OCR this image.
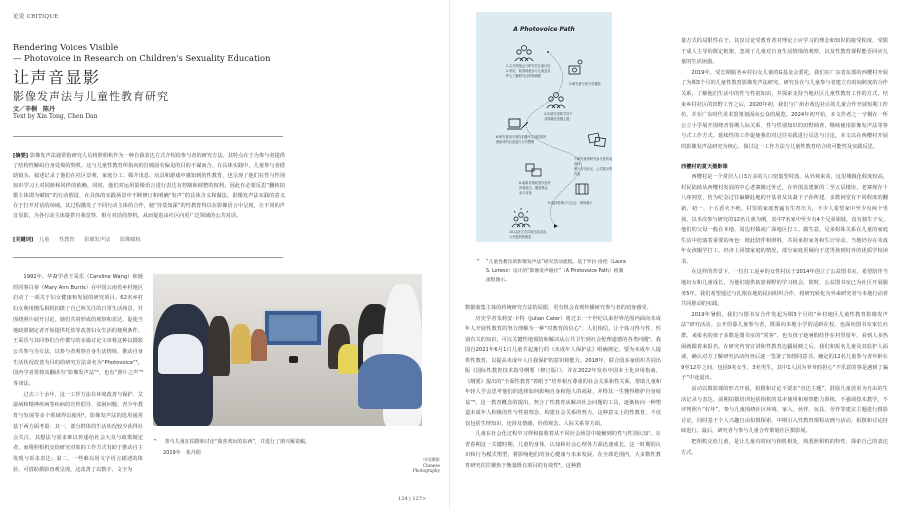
论说 CRITIQUE
Rendering Voices Visible
— Photovoice in Research on Children's Sexuality Education
让声音显影
影像发声法与儿童性教育研究
文／辛桐　陈丹
Text by Xin Tong, Chen Dan
[摘要] 影像发声法通常指研究人员将照相机作为一种自我表达方式介绍给参与者的研究方法。其特点在于为参与者提供了结构性解码自身处境的契机。这与儿童性教育所指向的打破固有偏见的目的不谋而合。在具体实践中，儿童参与者借助镜头，叙述记录了他们在社区景观、家庭分工、媒介讯息、玩具和游戏中感知到的性教育，也呈现了他们在性与性别知识学习上对同龄和同伴的依赖。同时，他们对运用影像语言进行表达有控制和调整的权利。因此有必要反思“翻转拍摄主体即为赋权”的行动假设，在具体的实践场景中不断修订和明确“发声”的具体含义和做法。影像发声法实践的意义在于打开对话的场域。其过程激发了不同行动主体的合作，使“待莫如深”的性教育得以在影像语言中呈现，让不同的声音显影，为各行动主体提供自我觉察、相互对话的契机，从而促进由社区向更广泛领域的公共对话。
[关键词] 儿童 性教育 影像发声法 影像赋权

1992年，华裔学者王采乐（Caroline Wang）和她的同事白蒂（Mary Ann Burris）在中国云南省乡村地区启动了一项关于妇女健康和发展的研究项目。62名乡村妇女利用傻瓜相机拍摄了自己所关注的日常生活场景，并围绕照片展开讨论。她们共同形成的观察和表达，促使当地政策制定者开始提供托幼等改善妇女生活的便利条件。王采乐与其同事们合作撰写的多篇讨论文章将这种以摄影公共参与为方法，以参与者观察自身生活情境、推动自身生活状况改善为目的的研究方法命名为“Photovoice”¹。国内学者常将其翻译为“影像发声法”²，也有“照片之声”³等译法。

过去三十余年，这一工作方法在环境改善与保护、艾滋病和精神疾病等疾病的宣传倡导、贫困问题、青少年教育与发展等多个领域得以使用⁴。影像发声法的选用通常基于两方面考量：其一，部分群体的生活状况较少获得社会关注，其想法与需求难以传递给社会大众与政策制定者，而将照相机交给研究对象的工作方式有助于推动自主发现与诉求表达；第二，一些难以用文字语言描述的体验，可借助摄影直观呈现，这改善了以数字、文字为

^ 参与儿童在拍摄和讨论“我喜欢玩的东西”，并进行了朋兴解说稿。
2019年　张丹阳
中国摄影
Chinese
Photography
124 | 127>
A Photovoice Path
1.召开预备会与研究对儿童讨论
2.家访，取得同意参与儿童及其
护人了解研究目的和流程
3.研究者与者分享摄影
4.在研究者的引导下
共同确定拍摄主题
6.研究者用与者在拍摄中生成的照片
借助对的记录进行分享整理
7.研究者将研究参与者共同选择
照片作为社区、公共展示的内容
8.重新对照同类作品并
再者展示，邀请观众
参与讨论
9.选择性地与与社会、现场展示
10.以此方式共同完成活动，
公开组织的展览
^ “儿童性教育的影像发声法”研究活动流程。基于罗拉·洛伦（Laura S. Lorenz）设计的“影像发声路径”（A Photovoice Path）绘制流程图示。

数据收集主体的传统研究方法的局限，更有机会直观传播研究参与者的切身感受。

历史学者朱莉安·卡特（Julian Cater）将过去一个世纪以来世界范围内面向未成年人开展性教育的努力理解为一种“对教育的信心”：人们相信，让个体习得与性、性别有关的知识，可以关键性地预防和解决从公共卫生到社会伦理道德的各类问题⁵。我国自2021年6月1日儿童节起施行的《未成年人保护法》明确规定，要为未成年人提供性教育，以提高未成年人自我保护的意识和能力。2018年，联合国多家组织共同出版《国际性教育技术指导纲要（修订版）》，并在2022年发布中国本土化应用指南。《纲要》提出的“全面性教育”着眼于“培养相互尊重的社会关系和性关系，帮助儿童和年轻人学会思考他们的选择如何影响自身和他人的福祉，并终其一生懂得维护自身权益”⁶。这一教育概念的提出，契合了性教育从解决社会问题的工具，逐渐转向一种塑造未成年人积极的性与性别理念、构建社会关系的努力。这种意义上的性教育，不仅仅包括生理知识，还涉及情感、价值观念、人际关系等方面。

儿童在社会化过程中习得和接收着从不同社会场景中接触到的性与性别认知⁷。在青春期这一关键时期，儿童的身体、认知和社会心理各方面迅速成长，这一时期的认识和行为模式塑型，将影响他们的身心健康与未来发展。在全球范围内，大多数性教育研究往往聚焦于衡量既有项目的有效性⁸。这种教

量方式的局限性在于，其仅讨论受教育者对理论上应学习的理念和知识的接受程度，受限于成人主导的既定框架，忽视了儿童对自身生活情境的观察，以及性教育课程能否回应儿童的生活困惑。

2019年，受长期服务乡村妇女儿童的G基金会委托，我们在广东省东部的西樱村开展了为期3个月的儿童性教育影像发声法研究。研究旨在与儿童参与者建立有时间跨度的合作关系，了解他们生活中的性与性别知识，并探索支持当地社区儿童性教育工作的方式。结束乡村社区的田野工作之后，2020年初，我们与广州市黄边社区的儿童合作开展短期工作坊，并在广东时代美术馆策划面向公众的展览。2024年初开始，本文作者之一辛桐在一所公立小学展开围绕青春期人际关系、性与性别知识的田野调查，继续使用影像发声法等参与式工作方式。延续性的工作促使我们对过往实践进行反思与讨论。本文以在西樱村开展的影像发声法研究为核心，探讨这一工作方法与儿童性教育结合的可能性及实践反思。

西樱村的夏天摄影课

西樱村是一个常居人口3万多的人口密集型村落。从外观来看，这里城镇化程度较高，村民陆续从西樱村发展的中心老寨搬迁外迁，在外围盖建新的二至五层楼房，老寨现存十八座祠堂，皆为纪念过往偏僻此地的开基者及其裔下子孙所建。多数祠堂有不同程度的翻新，初一、十五香火不绝。村里的家庭普遍有生育压力，不少人希望家中至少有两个男孩。以本次参与研究的12名儿童为例，其中7名家中至少有4个兄弟姐妹，没有独生子女。他们的父母一般在本地、周边村镇或广深地区打工、做生意，兄弟姐妹关系在儿童的家庭生活中扮演着重要的角色：彼此陪伴和照料，共同承担家务和生计劳动。当地仍存在未成年女孩辍学打工、经济上回馈家庭的情况，部分家庭更倾向于送男孩到村外的优质学校读书。

在这样的背景下，一位打工返乡的女性村民于2014年创立了公益图书室，希望陪伴当地妇女和儿童成长，为他们提供拓宽视野的学习机会。彼时，公益图书室已为社区开展服务5年。我们希望通过与扎根在地的民间组织合作，将研究转化为外来研究者与本地行动者共同推动的实践。

2019年暑假，我们与图书室合作发起为期3个月的“乡村地区儿童性教育影像发声法”研究活动。公开招募儿童参与者，既面向本地小学的适龄在校，也面向图书室家长社群。来报名的孩子多数是图书室的“常客”，也有孩子趁暑假结伴在村里留年，看到人多热闹就跟着来报名。在研究内容宣讲和性教育边疆展映之后，我们和报名儿童及其监护人面谈，确认对方了解研究活动内容后逐一签署了知情同意书。确定的12名儿童参与者年龄在9至12岁之间，包括9名女生、3名男生。其中1人因为爷爷的担心“不乐意的事是遇到了骗子”中途退出。

活动以摄影课的形式开展，拍摄和讨论不要求“直达主题”，鼓励儿童放更为自由的生活记录与表达。前期拍摄培训包括相机的基本使用和观察能力训练，不强调技术教学，不评判照片“好坏”。参与儿童围绕社区环境、家人、伙伴、玩具、劳作等建议主题进行摄影讨论，同时基于个人兴趣自由拍摄探索。中期引入性教育课程动画与活动，拍摄和讨论持续进行。最后，研究者与参与儿童合作策划社区摄影展。

把相机交给儿童，是让儿童有时间与相机相处，熟悉照相机的特性，探索自己的表达方式。
